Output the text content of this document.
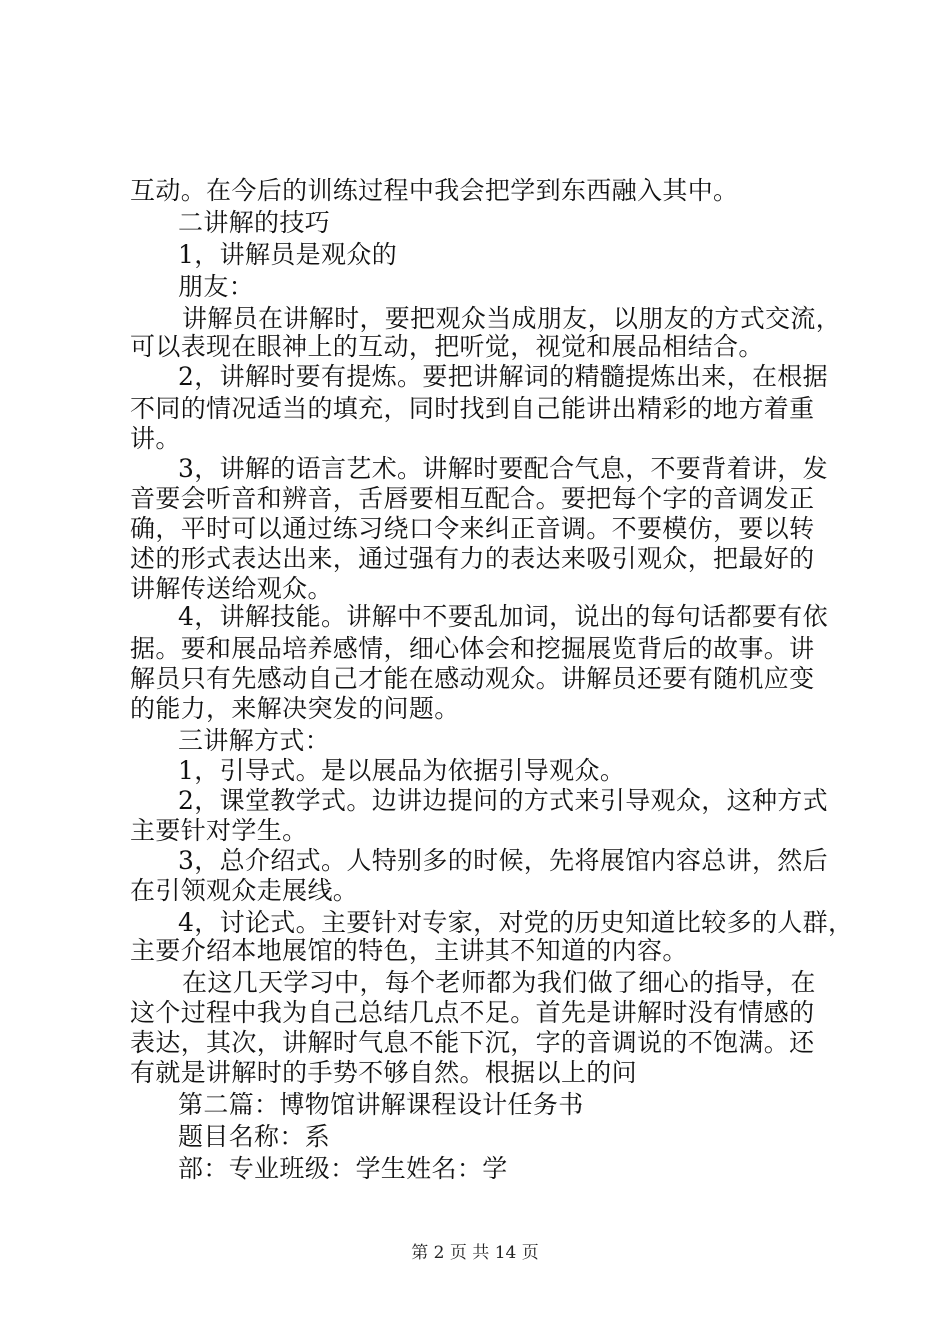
互动。在今后的训练过程中我会把学到东西融入其中。
二讲解的技巧
1，讲解员是观众的
朋友：
讲解员在讲解时，要把观众当成朋友，以朋友的方式交流，
可以表现在眼神上的互动，把听觉，视觉和展品相结合。
2，讲解时要有提炼。要把讲解词的精髓提炼出来，在根据
不同的情况适当的填充，同时找到自己能讲出精彩的地方着重
讲。
3，讲解的语言艺术。讲解时要配合气息，不要背着讲，发
音要会听音和辨音，舌唇要相互配合。要把每个字的音调发正
确，平时可以通过练习绕口令来纠正音调。不要模仿，要以转
述的形式表达出来，通过强有力的表达来吸引观众，把最好的
讲解传送给观众。
4，讲解技能。讲解中不要乱加词，说出的每句话都要有依
据。要和展品培养感情，细心体会和挖掘展览背后的故事。讲
解员只有先感动自己才能在感动观众。讲解员还要有随机应变
的能力，来解决突发的问题。
三讲解方式：
1，引导式。是以展品为依据引导观众。
2，课堂教学式。边讲边提问的方式来引导观众，这种方式
主要针对学生。
3，总介绍式。人特别多的时候，先将展馆内容总讲，然后
在引领观众走展线。
4，讨论式。主要针对专家，对党的历史知道比较多的人群，
主要介绍本地展馆的特色，主讲其不知道的内容。
在这几天学习中，每个老师都为我们做了细心的指导，在
这个过程中我为自己总结几点不足。首先是讲解时没有情感的
表达，其次，讲解时气息不能下沉，字的音调说的不饱满。还
有就是讲解时的手势不够自然。根据以上的问
第二篇：博物馆讲解课程设计任务书
题目名称：系
部：专业班级：学生姓名：学
第 2 页 共 14 页
